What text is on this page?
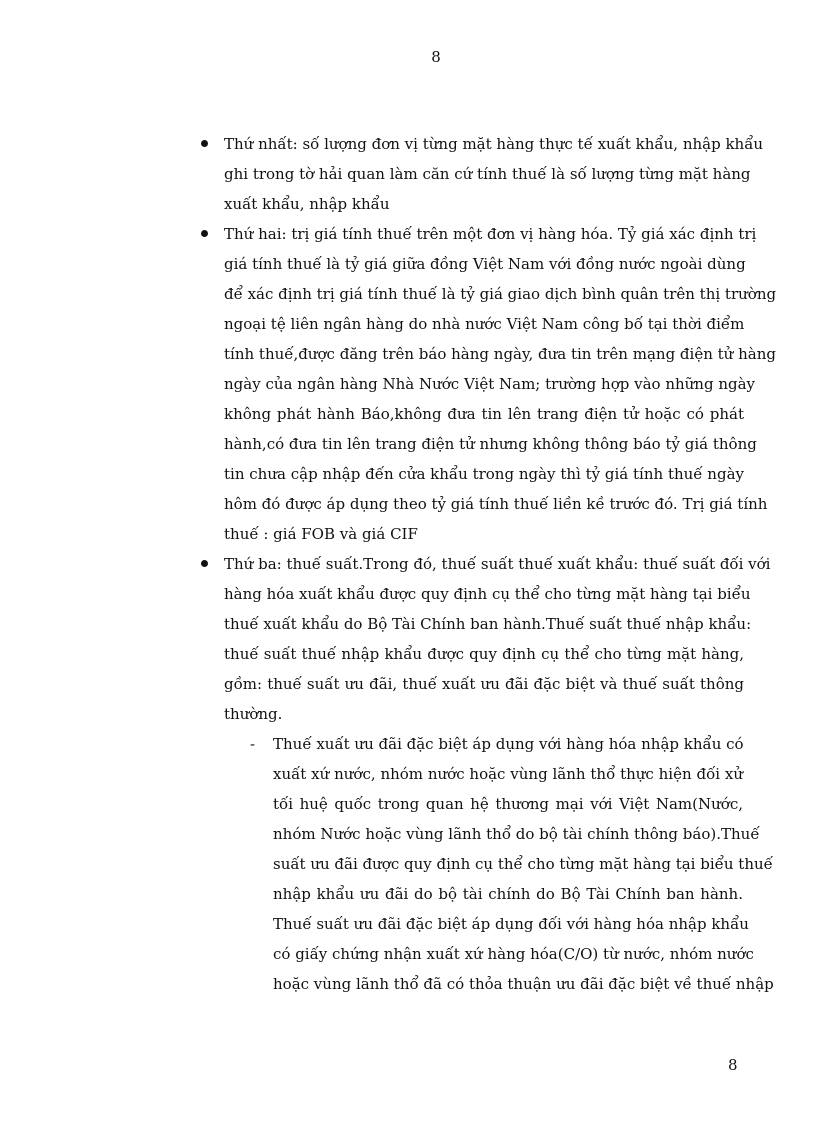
8
Thứ nhất: số lượng đơn vị từng mặt hàng thực tế xuất khẩu, nhập khẩu
ghi trong tờ hải quan làm căn cứ tính thuế là số lượng từng mặt hàng
xuất khẩu, nhập khẩu
Thứ hai: trị giá tính thuế trên một đơn vị hàng hóa. Tỷ giá xác định trị
giá tính thuế là tỷ giá giữa đồng Việt Nam với đồng nước ngoài dùng
để xác định trị giá tính thuế là tỷ giá giao dịch bình quân trên thị trường
ngoại tệ liên ngân hàng do nhà nước Việt Nam công bố tại thời điểm
tính thuế,được đăng trên báo hàng ngày, đưa tin trên mạng điện tử hàng
ngày của ngân hàng Nhà Nước Việt Nam; trường hợp vào những ngày
không phát hành Báo,không đưa tin lên trang điện tử hoặc có phát
hành,có đưa tin lên trang điện tử nhưng không thông báo tỷ giá thông
tin chưa cập nhập đến cửa khẩu trong ngày thì tỷ giá tính thuế ngày
hôm đó được áp dụng theo tỷ giá tính thuế liền kề trước đó. Trị giá tính
thuế : giá FOB và giá CIF
Thứ ba: thuế suất.Trong đó, thuế suất thuế xuất khẩu: thuế suất đối với
hàng hóa xuất khẩu được quy định cụ thể cho từng mặt hàng tại biểu
thuế xuất khẩu do Bộ Tài Chính ban hành.Thuế suất thuế nhập khẩu:
thuế suất thuế nhập khẩu được quy định cụ thể cho từng mặt hàng,
gồm: thuế suất ưu đãi, thuế xuất ưu đãi đặc biệt và thuế suất thông
thường.
- Thuế xuất ưu đãi đặc biệt áp dụng với hàng hóa nhập khẩu có
xuất xứ nước, nhóm nước hoặc vùng lãnh thổ thực hiện đối xử
tối huệ quốc trong quan hệ thương mại với Việt Nam(Nước,
nhóm Nước hoặc vùng lãnh thổ do bộ tài chính thông báo).Thuế
suất ưu đãi được quy định cụ thể cho từng mặt hàng tại biểu thuế
nhập khẩu ưu đãi do bộ tài chính do Bộ Tài Chính ban hành.
Thuế suất ưu đãi đặc biệt áp dụng đối với hàng hóa nhập khẩu
có giấy chứng nhận xuất xứ hàng hóa(C/O) từ nước, nhóm nước
hoặc vùng lãnh thổ đã có thỏa thuận ưu đãi đặc biệt về thuế nhập
8
